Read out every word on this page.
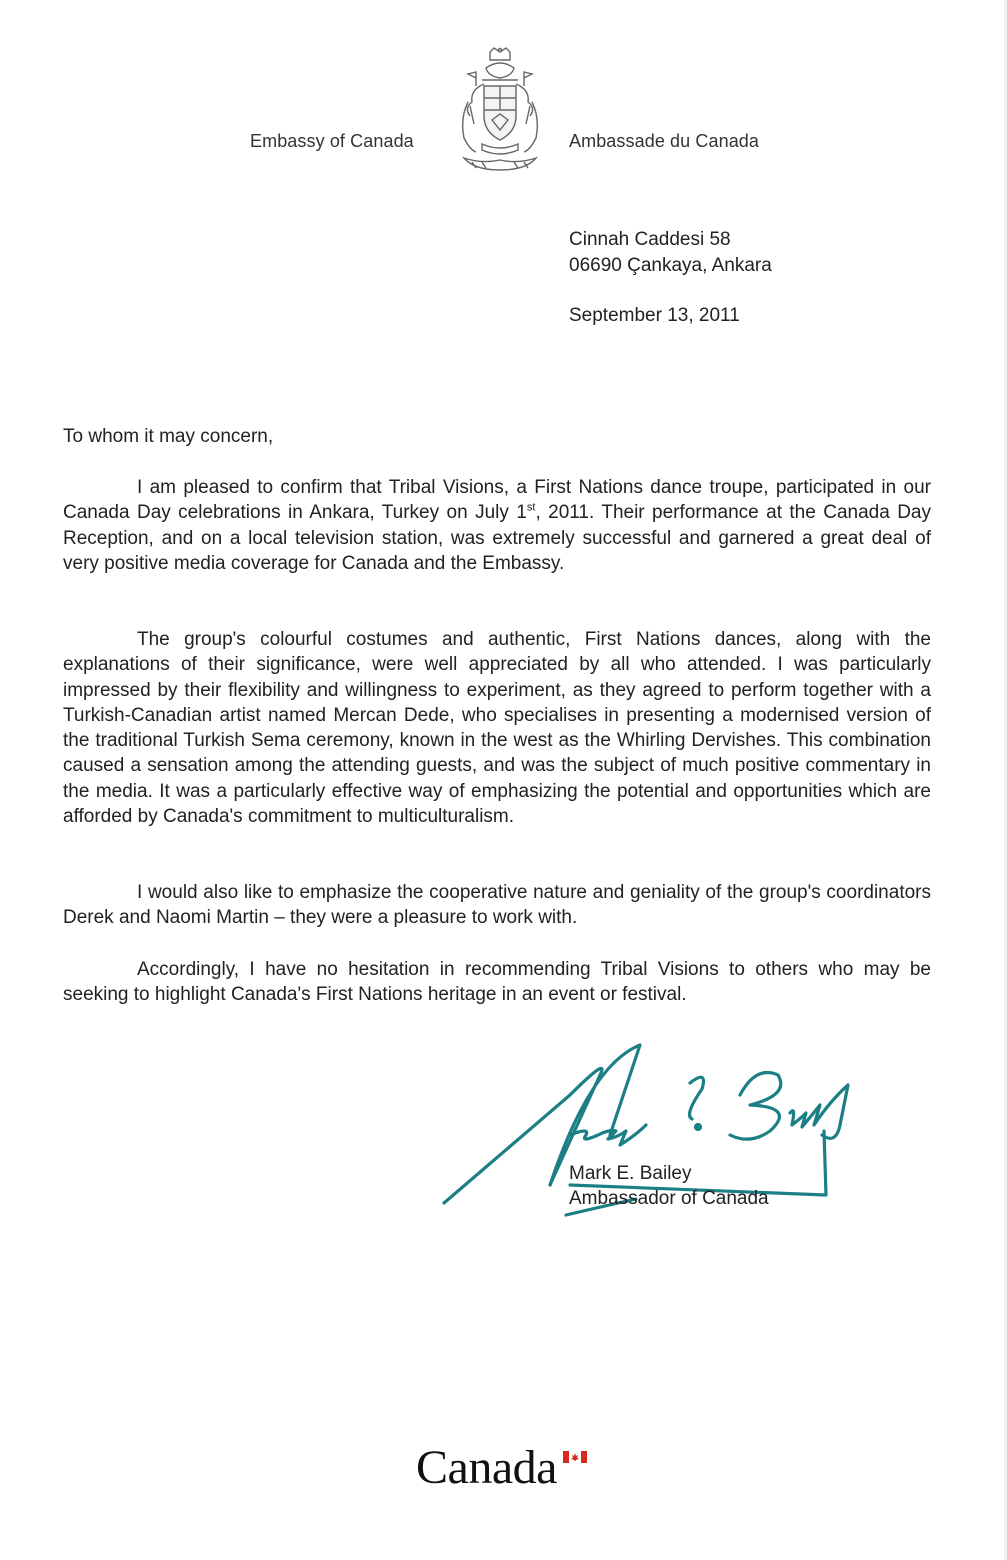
Embassy of Canada	Ambassade du Canada
Cinnah Caddesi 58
06690 Çankaya, Ankara
September 13, 2011
To whom it may concern,

I am pleased to confirm that Tribal Visions, a First Nations dance troupe, participated in our Canada Day celebrations in Ankara, Turkey on July 1st, 2011. Their performance at the Canada Day Reception, and on a local television station, was extremely successful and garnered a great deal of very positive media coverage for Canada and the Embassy.

The group's colourful costumes and authentic, First Nations dances, along with the explanations of their significance, were well appreciated by all who attended. I was particularly impressed by their flexibility and willingness to experiment, as they agreed to perform together with a Turkish-Canadian artist named Mercan Dede, who specialises in presenting a modernised version of the traditional Turkish Sema ceremony, known in the west as the Whirling Dervishes. This combination caused a sensation among the attending guests, and was the subject of much positive commentary in the media. It was a particularly effective way of emphasizing the potential and opportunities which are afforded by Canada's commitment to multiculturalism.

I would also like to emphasize the cooperative nature and geniality of the group's coordinators Derek and Naomi Martin – they were a pleasure to work with.

Accordingly, I have no hesitation in recommending Tribal Visions to others who may be seeking to highlight Canada's First Nations heritage in an event or festival.

Mark E. Bailey
Ambassador of Canada
Canada
